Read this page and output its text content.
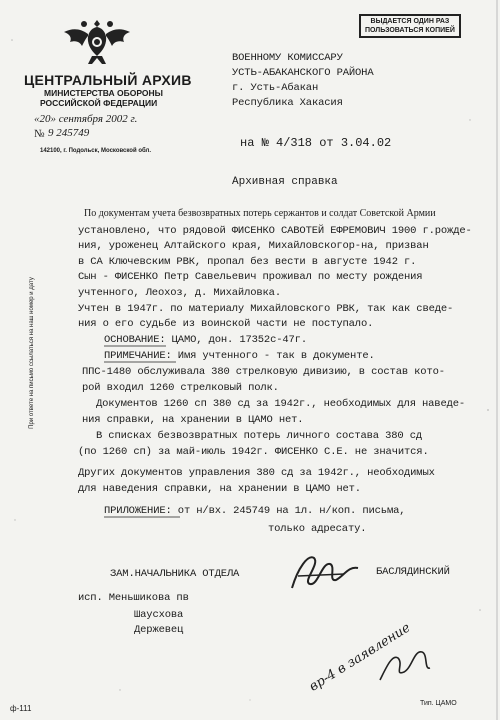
ВЫДАЕТСЯ ОДИН РАЗ
ПОЛЬЗОВАТЬСЯ КОПИЕЙ
ЦЕНТРАЛЬНЫЙ АРХИВ
МИНИСТЕРСТВА ОБОРОНЫ
РОССИЙСКОЙ ФЕДЕРАЦИИ
«20» сентября 2002 г.
№ 9 245749
142100, г. Подольск, Московской обл.
ВОЕННОМУ КОМИССАРУ
УСТЬ-АБАКАНСКОГО РАЙОНА
г. Усть-Абакан
Республика Хакасия
на № 4/318 от 3.04.02
Архивная справка
При ответе на письмо ссылаться на наш номер и дату
По документам учета безвозвратных потерь сержантов и солдат Советской Армии
установлено, что рядовой ФИСЕНКО САВОТЕЙ ЕФРЕМОВИЧ 1900 г.рожде-
ния, уроженец Алтайского края, Михайловскогор-на, призван
в СА Ключевским РВК, пропал без вести в августе 1942 г.
Сын - ФИСЕНКО Петр Савельевич проживал по месту рождения
учтенного, Леохоз, д. Михайловка.
Учтен в 1947г. по материалу Михайловского РВК, так как сведе-
ния о его судьбе из воинской части не поступало.
ОСНОВАНИЕ: ЦАМО, дон. 17352с-47г.
ПРИМЕЧАНИЕ: Имя учтенного - так в документе.
ППС-1480 обслуживала 380 стрелковую дивизию, в состав кото-
рой входил 1260 стрелковый полк.
Документов 1260 сп 380 сд за 1942г., необходимых для наведе-
ния справки, на хранении в ЦАМО нет.
В списках безвозвратных потерь личного состава 380 сд
(по 1260 сп) за май-июль 1942г. ФИСЕНКО С.Е. не значится.
Других документов управления 380 сд за 1942г., необходимых
для наведения справки, на хранении в ЦАМО нет.
ПРИЛОЖЕНИЕ: от н/вх. 245749 на 1л. н/коп. письма,
только адресату.
ЗАМ.НАЧАЛЬНИКА ОТДЕЛА	БАСЛЯДИНСКИЙ
исп. Меньшикова пв
Шаусхова
Держевец	вр-4 в заявление
ф-111
Тип. ЦАМО
